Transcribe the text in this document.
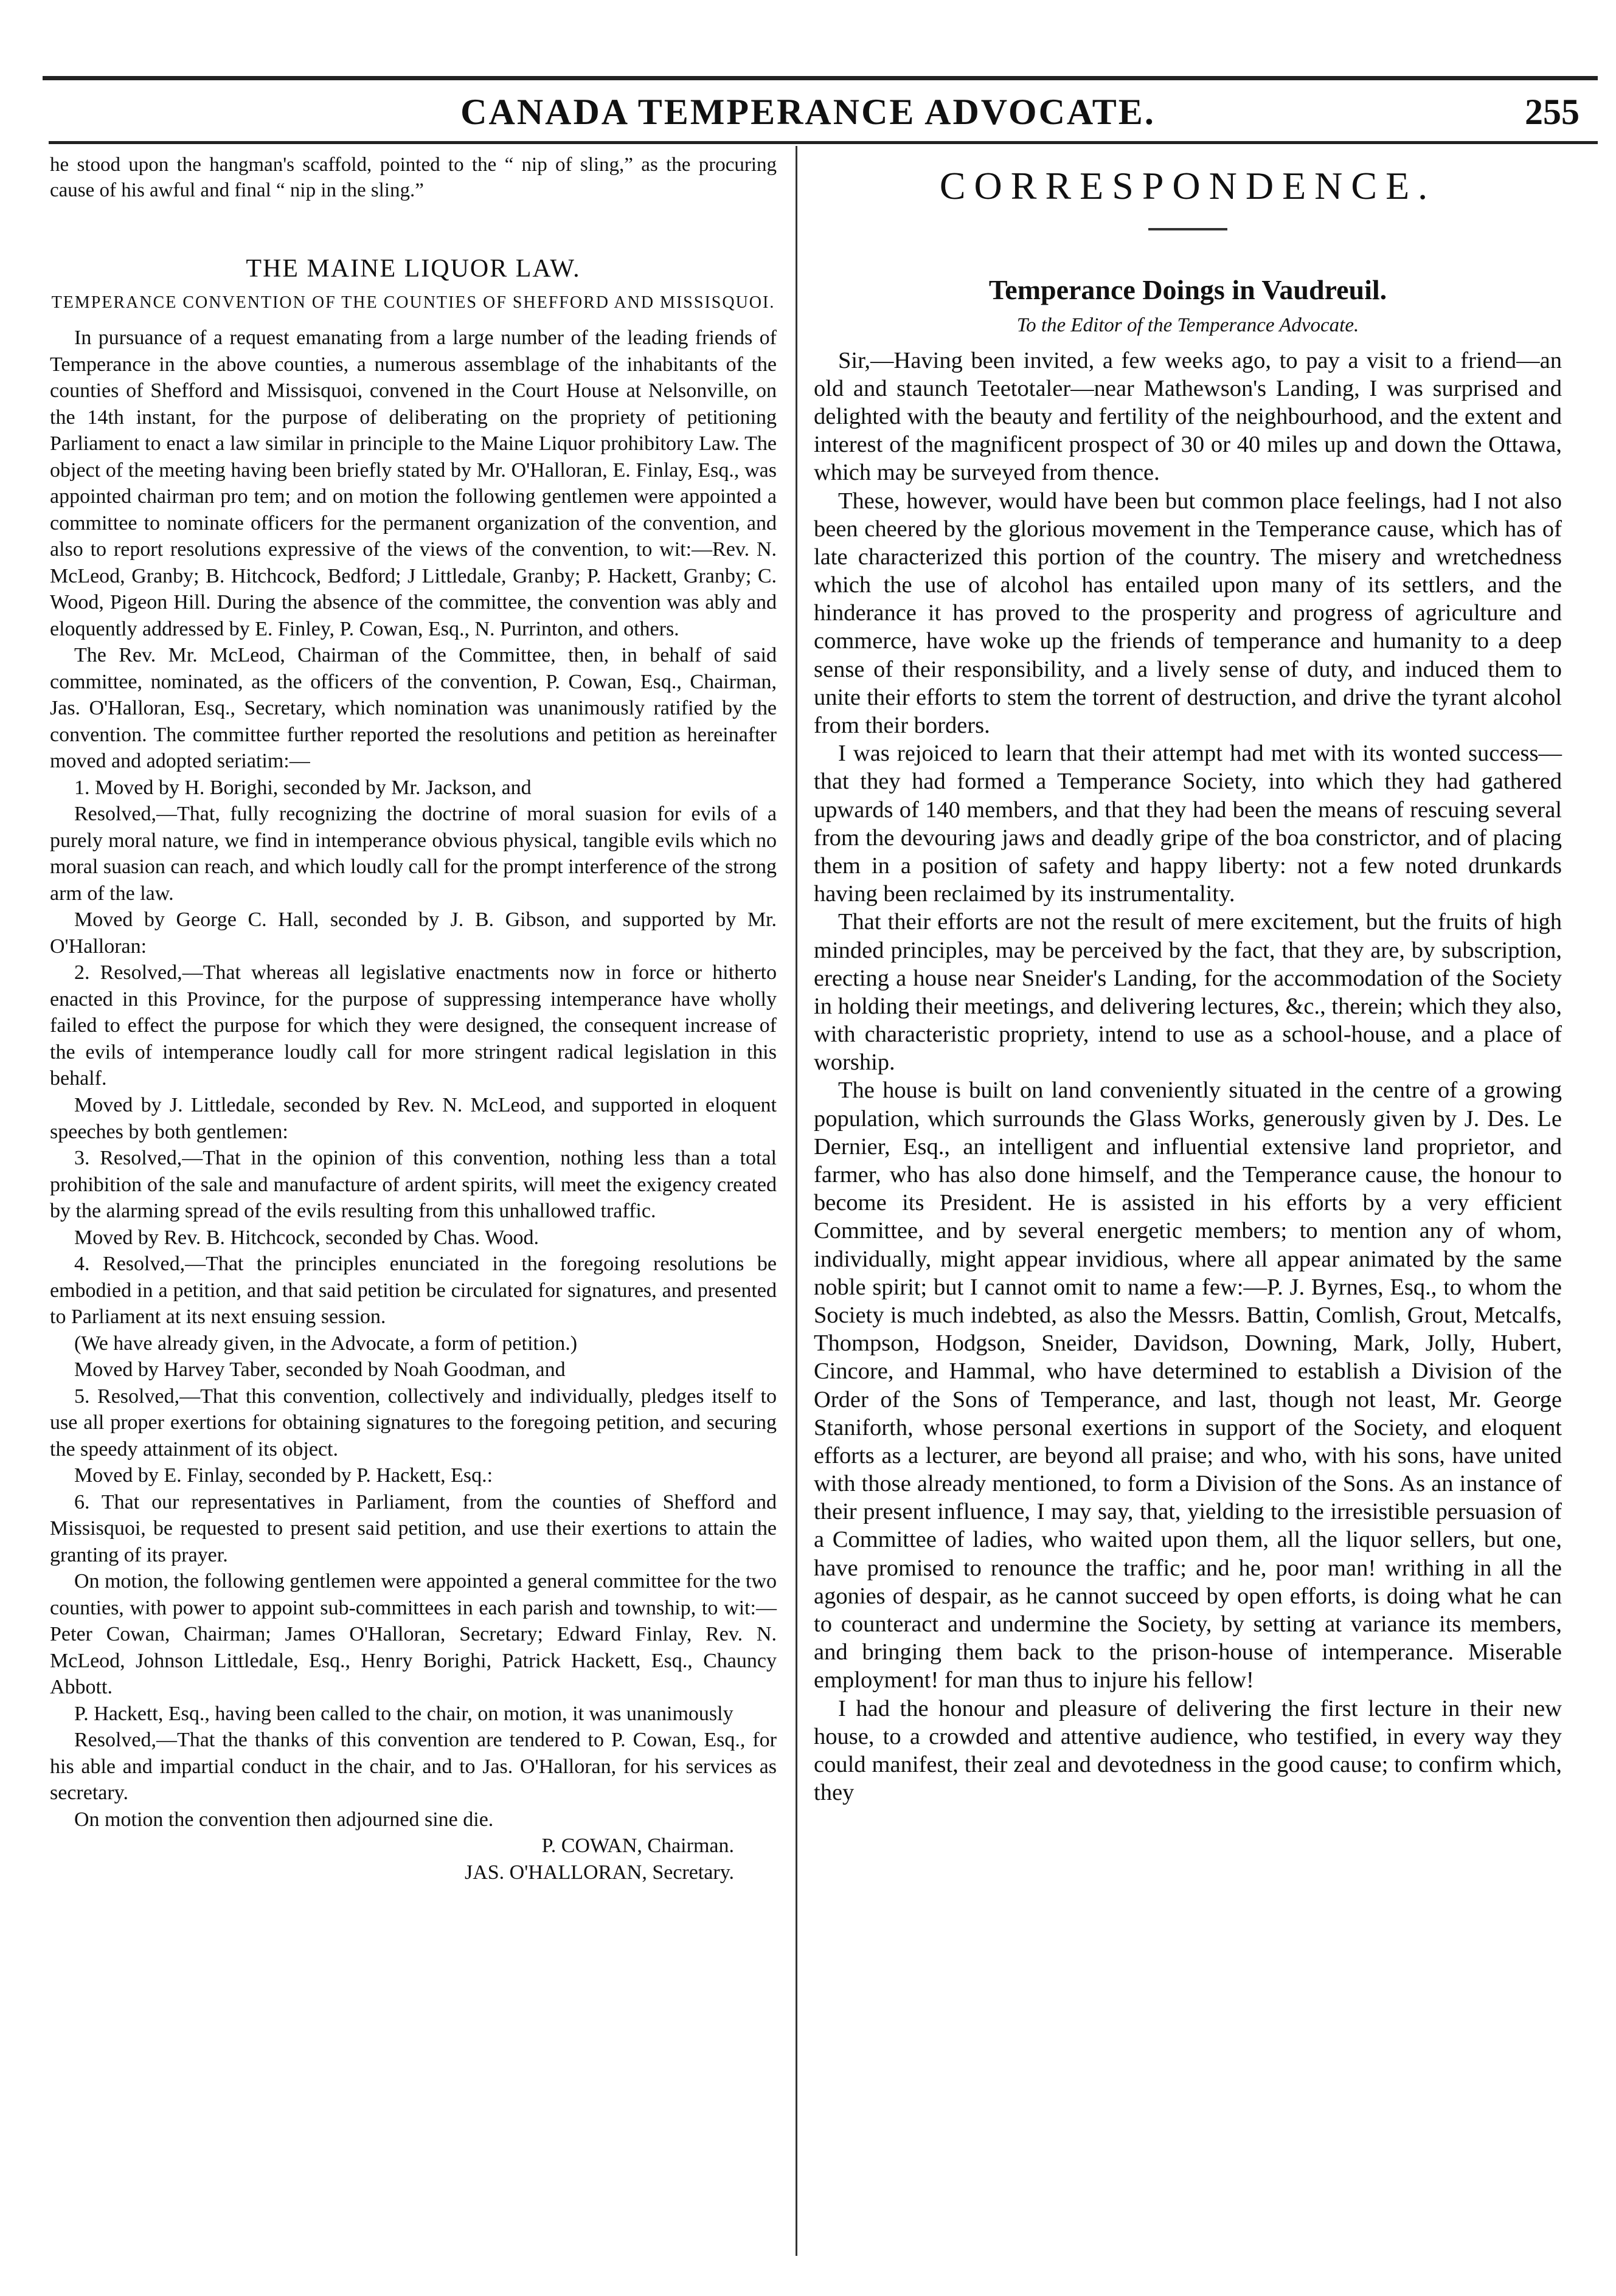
CANADA TEMPERANCE ADVOCATE.	255

he stood upon the hangman's scaffold, pointed to the “ nip of sling,” as the procuring cause of his awful and final “ nip in the sling.”

THE MAINE LIQUOR LAW.
TEMPERANCE CONVENTION OF THE COUNTIES OF SHEFFORD AND MISSISQUOI.

In pursuance of a request emanating from a large number of the leading friends of Temperance in the above counties, a numerous assemblage of the inhabitants of the counties of Shefford and Missisquoi, convened in the Court House at Nelsonville, on the 14th instant, for the purpose of deliberating on the propriety of petitioning Parliament to enact a law similar in principle to the Maine Liquor prohibitory Law. The object of the meeting having been briefly stated by Mr. O'Halloran, E. Finlay, Esq., was appointed chairman pro tem; and on motion the following gentlemen were appointed a committee to nominate officers for the permanent organization of the convention, and also to report resolutions expressive of the views of the convention, to wit:—Rev. N. McLeod, Granby; B. Hitchcock, Bedford; J Littledale, Granby; P. Hackett, Granby; C. Wood, Pigeon Hill. During the absence of the committee, the convention was ably and eloquently addressed by E. Finley, P. Cowan, Esq., N. Purrinton, and others.

The Rev. Mr. McLeod, Chairman of the Committee, then, in behalf of said committee, nominated, as the officers of the convention, P. Cowan, Esq., Chairman, Jas. O'Halloran, Esq., Secretary, which nomination was unanimously ratified by the convention. The committee further reported the resolutions and petition as hereinafter moved and adopted seriatim:—

1. Moved by H. Borighi, seconded by Mr. Jackson, and

Resolved,—That, fully recognizing the doctrine of moral suasion for evils of a purely moral nature, we find in intemperance obvious physical, tangible evils which no moral suasion can reach, and which loudly call for the prompt interference of the strong arm of the law.

Moved by George C. Hall, seconded by J. B. Gibson, and supported by Mr. O'Halloran:

2. Resolved,—That whereas all legislative enactments now in force or hitherto enacted in this Province, for the purpose of suppressing intemperance have wholly failed to effect the purpose for which they were designed, the consequent increase of the evils of intemperance loudly call for more stringent radical legislation in this behalf.

Moved by J. Littledale, seconded by Rev. N. McLeod, and supported in eloquent speeches by both gentlemen:

3. Resolved,—That in the opinion of this convention, nothing less than a total prohibition of the sale and manufacture of ardent spirits, will meet the exigency created by the alarming spread of the evils resulting from this unhallowed traffic.

Moved by Rev. B. Hitchcock, seconded by Chas. Wood.

4. Resolved,—That the principles enunciated in the foregoing resolutions be embodied in a petition, and that said petition be circulated for signatures, and presented to Parliament at its next ensuing session.

(We have already given, in the Advocate, a form of petition.)

Moved by Harvey Taber, seconded by Noah Goodman, and

5. Resolved,—That this convention, collectively and individually, pledges itself to use all proper exertions for obtaining signatures to the foregoing petition, and securing the speedy attainment of its object.

Moved by E. Finlay, seconded by P. Hackett, Esq.:

6. That our representatives in Parliament, from the counties of Shefford and Missisquoi, be requested to present said petition, and use their exertions to attain the granting of its prayer.

On motion, the following gentlemen were appointed a general committee for the two counties, with power to appoint sub-committees in each parish and township, to wit:—Peter Cowan, Chairman; James O'Halloran, Secretary; Edward Finlay, Rev. N. McLeod, Johnson Littledale, Esq., Henry Borighi, Patrick Hackett, Esq., Chauncy Abbott.

P. Hackett, Esq., having been called to the chair, on motion, it was unanimously

Resolved,—That the thanks of this convention are tendered to P. Cowan, Esq., for his able and impartial conduct in the chair, and to Jas. O'Halloran, for his services as secretary.

On motion the convention then adjourned sine die.

P. COWAN, Chairman.
JAS. O'HALLORAN, Secretary.

CORRESPONDENCE.
Temperance Doings in Vaudreuil.
To the Editor of the Temperance Advocate.

Sir,—Having been invited, a few weeks ago, to pay a visit to a friend—an old and staunch Teetotaler—near Mathewson's Landing, I was surprised and delighted with the beauty and fertility of the neighbourhood, and the extent and interest of the magnificent prospect of 30 or 40 miles up and down the Ottawa, which may be surveyed from thence.

These, however, would have been but common place feelings, had I not also been cheered by the glorious movement in the Temperance cause, which has of late characterized this portion of the country. The misery and wretchedness which the use of alcohol has entailed upon many of its settlers, and the hinderance it has proved to the prosperity and progress of agriculture and commerce, have woke up the friends of temperance and humanity to a deep sense of their responsibility, and a lively sense of duty, and induced them to unite their efforts to stem the torrent of destruction, and drive the tyrant alcohol from their borders.

I was rejoiced to learn that their attempt had met with its wonted success—that they had formed a Temperance Society, into which they had gathered upwards of 140 members, and that they had been the means of rescuing several from the devouring jaws and deadly gripe of the boa constrictor, and of placing them in a position of safety and happy liberty: not a few noted drunkards having been reclaimed by its instrumentality.

That their efforts are not the result of mere excitement, but the fruits of high minded principles, may be perceived by the fact, that they are, by subscription, erecting a house near Sneider's Landing, for the accommodation of the Society in holding their meetings, and delivering lectures, &c., therein; which they also, with characteristic propriety, intend to use as a school-house, and a place of worship.

The house is built on land conveniently situated in the centre of a growing population, which surrounds the Glass Works, generously given by J. Des. Le Dernier, Esq., an intelligent and influential extensive land proprietor, and farmer, who has also done himself, and the Temperance cause, the honour to become its President. He is assisted in his efforts by a very efficient Committee, and by several energetic members; to mention any of whom, individually, might appear invidious, where all appear animated by the same noble spirit; but I cannot omit to name a few:—P. J. Byrnes, Esq., to whom the Society is much indebted, as also the Messrs. Battin, Comlish, Grout, Metcalfs, Thompson, Hodgson, Sneider, Davidson, Downing, Mark, Jolly, Hubert, Cincore, and Hammal, who have determined to establish a Division of the Order of the Sons of Temperance, and last, though not least, Mr. George Staniforth, whose personal exertions in support of the Society, and eloquent efforts as a lecturer, are beyond all praise; and who, with his sons, have united with those already mentioned, to form a Division of the Sons. As an instance of their present influence, I may say, that, yielding to the irresistible persuasion of a Committee of ladies, who waited upon them, all the liquor sellers, but one, have promised to renounce the traffic; and he, poor man! writhing in all the agonies of despair, as he cannot succeed by open efforts, is doing what he can to counteract and undermine the Society, by setting at variance its members, and bringing them back to the prison-house of intemperance. Miserable employment! for man thus to injure his fellow!

I had the honour and pleasure of delivering the first lecture in their new house, to a crowded and attentive audience, who testified, in every way they could manifest, their zeal and devotedness in the good cause; to confirm which, they
